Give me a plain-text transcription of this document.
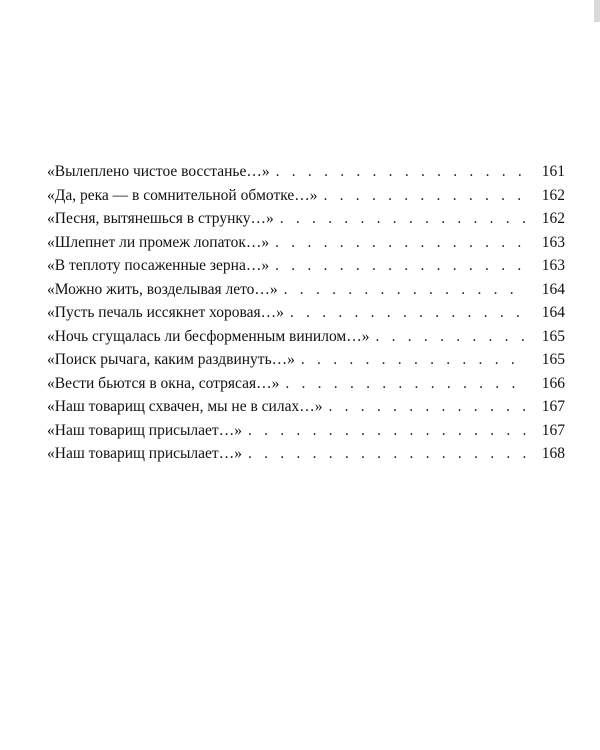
«Вылеплено чистое восстанье…» . . .	161
«Да, река — в сомнительной обмотке…» . . .	162
«Песня, вытянешься в струнку…» . . .	162
«Шлепнет ли промеж лопаток…» . . .	163
«В теплоту посаженные зерна…» . . .	163
«Можно жить, возделывая лето…» . . .	164
«Пусть печаль иссякнет хоровая…» . . .	164
«Ночь сгущалась ли бесформенным винилом…» . . .	165
«Поиск рычага, каким раздвинуть…» . . .	165
«Вести бьются в окна, сотрясая…» . . .	166
«Наш товарищ схвачен, мы не в силах…» . . .	167
«Наш товарищ присылает…» . . .	167
«Наш товарищ присылает…» . . .	168
